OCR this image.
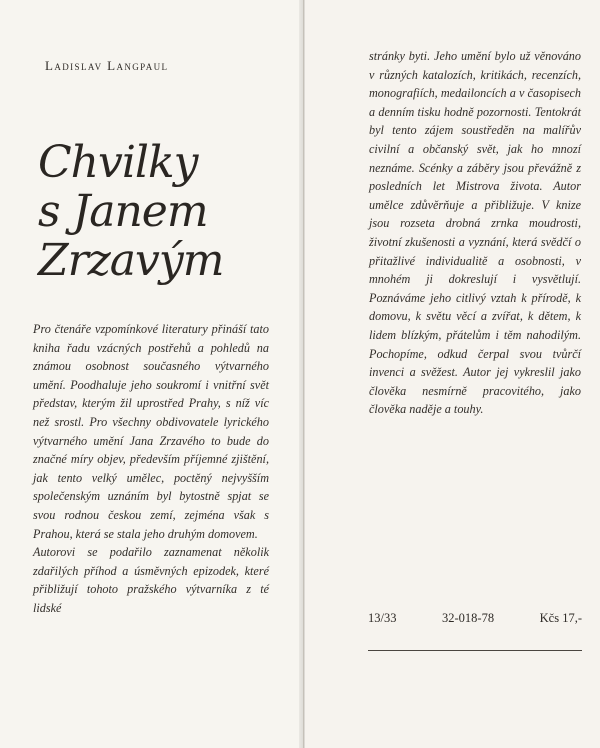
Ladislav Langpaul
Chvilky
s Janem
Zrzavým

Pro čtenáře vzpomínkové literatury přináší tato kniha řadu vzácných postřehů a pohledů na známou osobnost současného výtvarného umění. Poodhaluje jeho soukromí i vnitřní svět představ, kterým žil uprostřed Prahy, s níž víc než srostl. Pro všechny obdivovatele lyrického výtvarného umění Jana Zrzavého to bude do značné míry objev, především příjemné zjištění, jak tento velký umělec, poctěný nejvyšším společenským uznáním byl bytostně spjat se svou rodnou českou zemí, zejména však s Prahou, která se stala jeho druhým domovem.

Autorovi se podařilo zaznamenat několik zdařilých příhod a úsměvných epizodek, které přibližují tohoto pražského výtvarníka z té lidské

stránky byti. Jeho umění bylo už věnováno v různých katalozích, kritikách, recenzích, monografiích, medailoncích a v časopisech a denním tisku hodně pozornosti. Tentokrát byl tento zájem soustředěn na malířův civilní a občanský svět, jak ho mnozí neznáme. Scénky a záběry jsou převážně z posledních let Mistrova života. Autor umělce zdůvěrňuje a přibližuje. V knize jsou rozseta drobná zrnka moudrosti, životní zkušenosti a vyznání, která svědčí o přitažlivé individualitě a osobnosti, v mnohém ji dokreslují i vysvětlují. Poznáváme jeho citlivý vztah k přírodě, k domovu, k světu věcí a zvířat, k dětem, k lidem blízkým, přátelům i těm nahodilým. Pochopíme, odkud čerpal svou tvůrčí invenci a svěžest. Autor jej vykreslil jako člověka nesmírně pracovitého, jako člověka naděje a touhy.

13/33	32-018-78	Kčs 17,-
